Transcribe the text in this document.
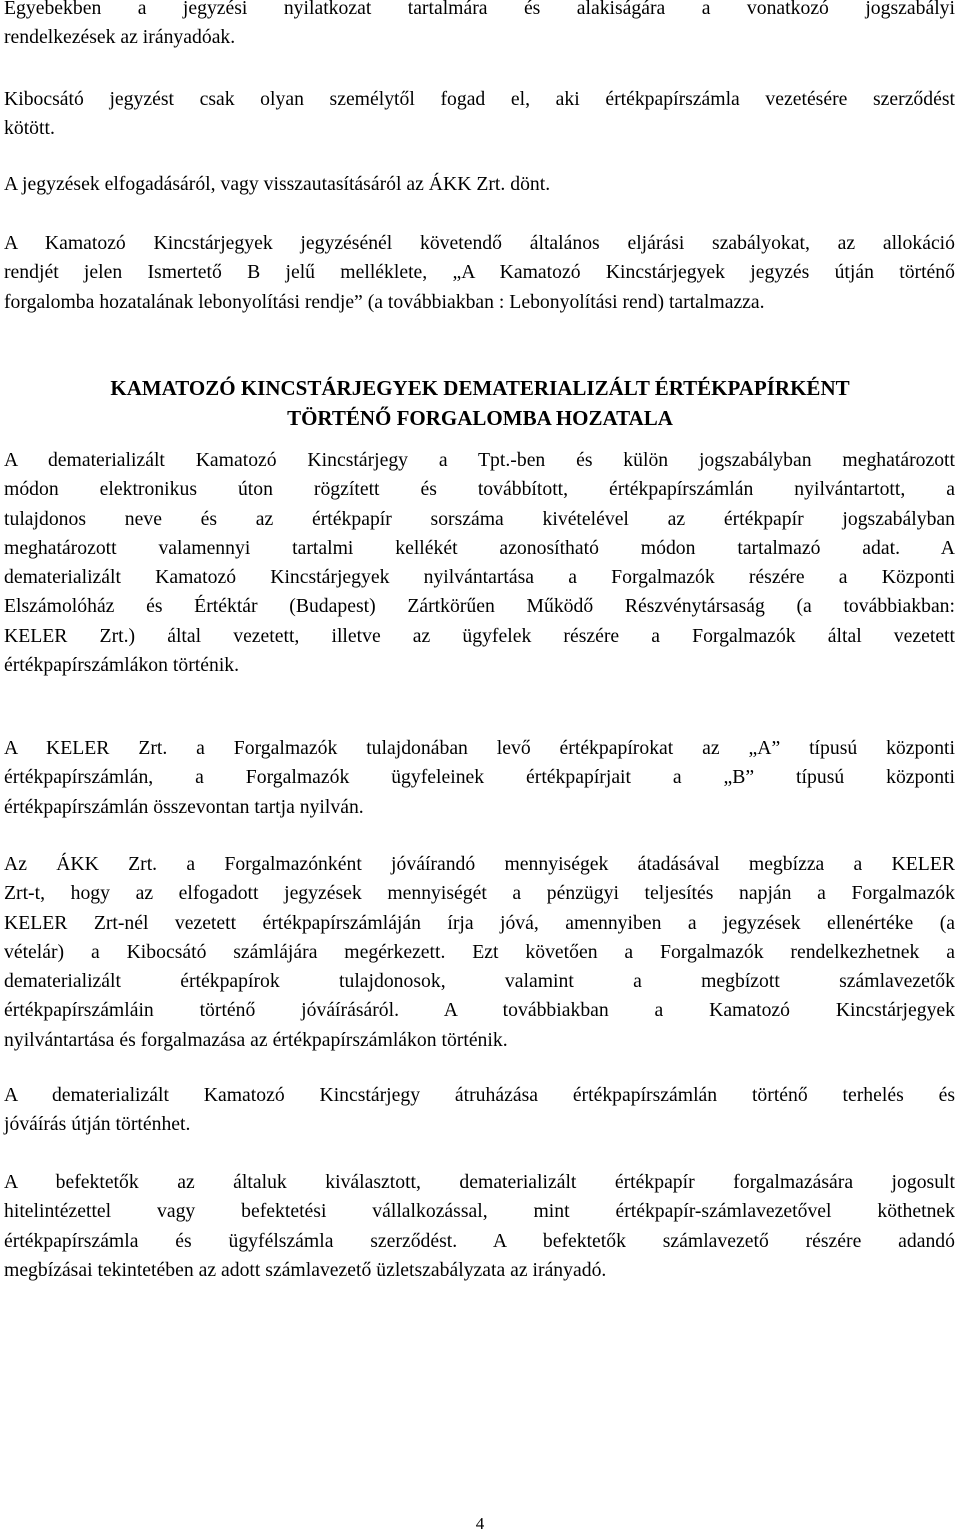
Egyebekben a jegyzési nyilatkozat tartalmára és alakiságára a vonatkozó jogszabályi
rendelkezések az irányadóak.
Kibocsátó jegyzést csak olyan személytől fogad el, aki értékpapírszámla vezetésére szerződést
kötött.
A jegyzések elfogadásáról, vagy visszautasításáról az ÁKK Zrt. dönt.
A Kamatozó Kincstárjegyek jegyzésénél követendő általános eljárási szabályokat, az allokáció
rendjét jelen Ismertető B jelű melléklete, „A Kamatozó Kincstárjegyek jegyzés útján történő
forgalomba hozatalának lebonyolítási rendje” (a továbbiakban : Lebonyolítási rend) tartalmazza.
KAMATOZÓ KINCSTÁRJEGYEK DEMATERIALIZÁLT ÉRTÉKPAPÍRKÉNT
TÖRTÉNŐ FORGALOMBA HOZATALA
A dematerializált Kamatozó Kincstárjegy a Tpt.-ben és külön jogszabályban meghatározott
módon elektronikus úton rögzített és továbbított, értékpapírszámlán nyilvántartott, a
tulajdonos neve és az értékpapír sorszáma kivételével az értékpapír jogszabályban
meghatározott valamennyi tartalmi kellékét azonosítható módon tartalmazó adat. A
dematerializált Kamatozó Kincstárjegyek nyilvántartása a Forgalmazók részére a Központi
Elszámolóház és Értéktár (Budapest) Zártkörűen Működő Részvénytársaság (a továbbiakban:
KELER Zrt.) által vezetett, illetve az ügyfelek részére a Forgalmazók által vezetett
értékpapírszámlákon történik.
A KELER Zrt. a Forgalmazók tulajdonában levő értékpapírokat az „A” típusú központi
értékpapírszámlán, a Forgalmazók ügyfeleinek értékpapírjait a „B” típusú központi
értékpapírszámlán összevontan tartja nyilván.
Az ÁKK Zrt. a Forgalmazónként jóváírandó mennyiségek átadásával megbízza a KELER
Zrt-t, hogy az elfogadott jegyzések mennyiségét a pénzügyi teljesítés napján a Forgalmazók
KELER Zrt-nél vezetett értékpapírszámláján írja jóvá, amennyiben a jegyzések ellenértéke (a
vételár) a Kibocsátó számlájára megérkezett. Ezt követően a Forgalmazók rendelkezhetnek a
dematerializált értékpapírok tulajdonosok, valamint a megbízott számlavezetők
értékpapírszámláin történő jóváírásáról. A továbbiakban a Kamatozó Kincstárjegyek
nyilvántartása és forgalmazása az értékpapírszámlákon történik.
A dematerializált Kamatozó Kincstárjegy átruházása értékpapírszámlán történő terhelés és
jóváírás útján történhet.
A befektetők az általuk kiválasztott, dematerializált értékpapír forgalmazására jogosult
hitelintézettel vagy befektetési vállalkozással, mint értékpapír-számlavezetővel köthetnek
értékpapírszámla és ügyfélszámla szerződést. A befektetők számlavezető részére adandó
megbízásai tekintetében az adott számlavezető üzletszabályzata az irányadó.
4
